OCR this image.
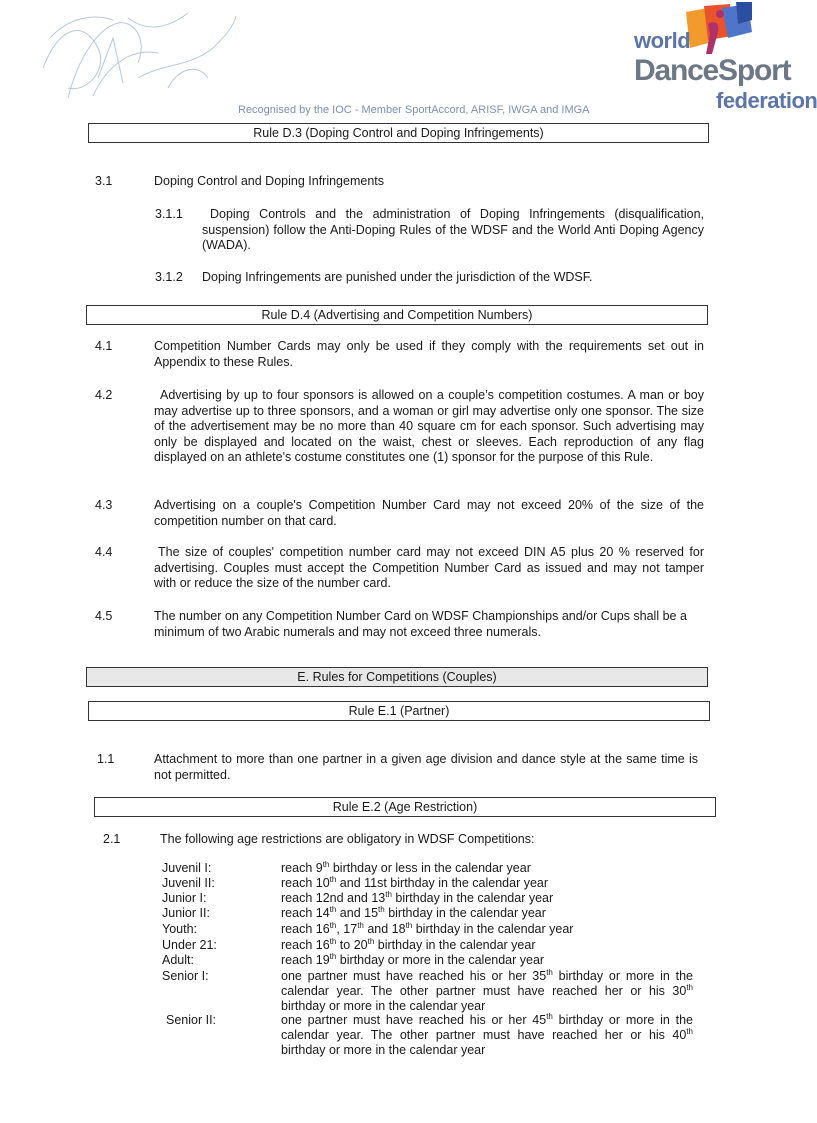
world
DanceSport
federation
Recognised by the IOC - Member SportAccord, ARISF, IWGA and IMGA
Rule D.3 (Doping Control and Doping Infringements)
3.1	Doping Control and Doping Infringements
3.1.1	Doping Controls and the administration of Doping Infringements (disqualification, suspension) follow the Anti-Doping Rules of the WDSF and the World Anti Doping Agency (WADA).
3.1.2 Doping Infringements are punished under the jurisdiction of the WDSF.
Rule D.4 (Advertising and Competition Numbers)
4.1	Competition Number Cards may only be used if they comply with the requirements set out in Appendix to these Rules.
4.2	Advertising by up to four sponsors is allowed on a couple’s competition costumes. A man or boy may advertise up to three sponsors, and a woman or girl may advertise only one sponsor. The size of the advertisement may be no more than 40 square cm for each sponsor. Such advertising may only be displayed and located on the waist, chest or sleeves. Each reproduction of any flag displayed on an athlete's costume constitutes one (1) sponsor for the purpose of this Rule.
4.3	Advertising on a couple's Competition Number Card may not exceed 20% of the size of the competition number on that card.
4.4	The size of couples' competition number card may not exceed DIN A5 plus 20 % reserved for advertising. Couples must accept the Competition Number Card as issued and may not tamper with or reduce the size of the number card.
4.5	The number on any Competition Number Card on WDSF Championships and/or Cups shall be a minimum of two Arabic numerals and may not exceed three numerals.
E. Rules for Competitions (Couples)
Rule E.1 (Partner)
1.1	Attachment to more than one partner in a given age division and dance style at the same time is not permitted.
Rule E.2 (Age Restriction)
2.1	The following age restrictions are obligatory in WDSF Competitions:
Juvenil I:	reach 9th birthday or less in the calendar year
Juvenil II:	reach 10th and 11st birthday in the calendar year
Junior I:	reach 12nd and 13th birthday in the calendar year
Junior II:	reach 14th and 15th birthday in the calendar year
Youth:	reach 16th, 17th and 18th birthday in the calendar year
Under 21:	reach 16th to 20th birthday in the calendar year
Adult:	reach 19th birthday or more in the calendar year
Senior I:	one partner must have reached his or her 35th birthday or more in the calendar year. The other partner must have reached her or his 30th birthday or more in the calendar year
Senior II:	one partner must have reached his or her 45th birthday or more in the calendar year. The other partner must have reached her or his 40th birthday or more in the calendar year
